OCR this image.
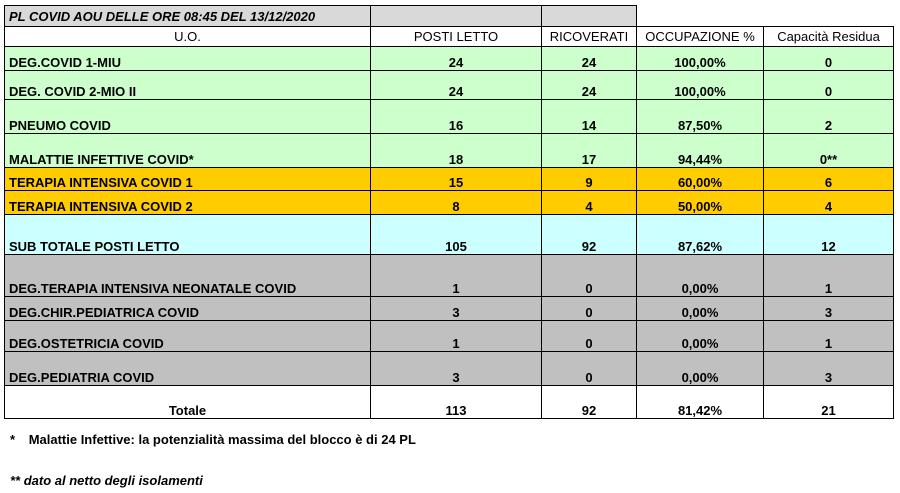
PL COVID AOU DELLE ORE 08:45 DEL 13/12/2020				
U.O.	POSTI LETTO	RICOVERATI	OCCUPAZIONE %	Capacità Residua
DEG.COVID 1-MIU	24	24	100,00%	0
DEG. COVID 2-MIO II	24	24	100,00%	0
PNEUMO COVID	16	14	87,50%	2
MALATTIE INFETTIVE COVID*	18	17	94,44%	0**
TERAPIA INTENSIVA COVID 1	15	9	60,00%	6
TERAPIA INTENSIVA COVID 2	8	4	50,00%	4
SUB TOTALE POSTI LETTO	105	92	87,62%	12
DEG.TERAPIA INTENSIVA NEONATALE COVID	1	0	0,00%	1
DEG.CHIR.PEDIATRICA COVID	3	0	0,00%	3
DEG.OSTETRICIA COVID	1	0	0,00%	1
DEG.PEDIATRIA COVID	3	0	0,00%	3
Totale	113	92	81,42%	21
* Malattie Infettive: la potenzialità massima del blocco è di 24 PL
** dato al netto degli isolamenti
